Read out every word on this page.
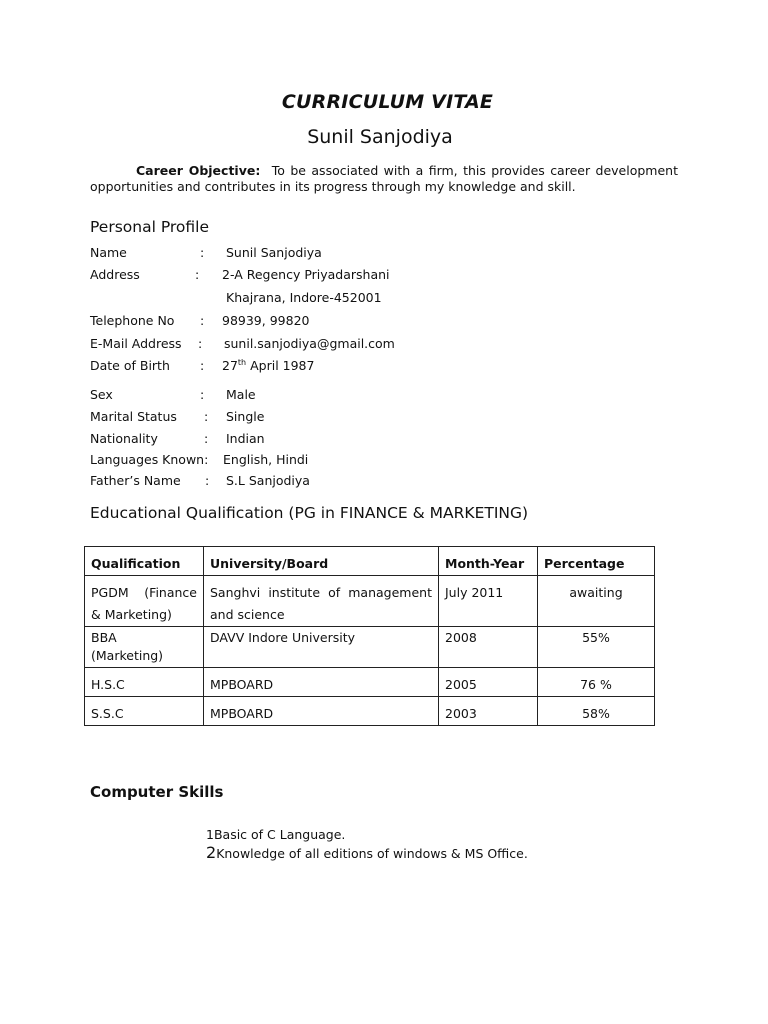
CURRICULUM VITAE
Sunil Sanjodiya
Career Objective: To be associated with a firm, this provides career development opportunities and contributes in its progress through my knowledge and skill.
Personal Profile
Name	: Sunil Sanjodiya
Address	: 2-A Regency Priyadarshani
Khajrana, Indore-452001
Telephone No : 98939, 99820
E-Mail Address : sunil.sanjodiya@gmail.com
Date of Birth : 27th April 1987
Sex	: Male
Marital Status : Single
Nationality	: Indian
Languages Known: English, Hindi
Father’s Name : S.L Sanjodiya
Educational Qualification (PG in FINANCE & MARKETING)
Qualification	University/Board	Month-Year	Percentage

PGDM (Finance
& Marketing)	Sanghvi institute of management
and science	July 2011	awaiting

BBA
(Marketing)	DAVV Indore University	2008	55%

H.S.C	MPBOARD	2005	76 %
S.S.C	MPBOARD	2003	58%
Computer Skills
1Basic of C Language.
2Knowledge of all editions of windows & MS Office.
